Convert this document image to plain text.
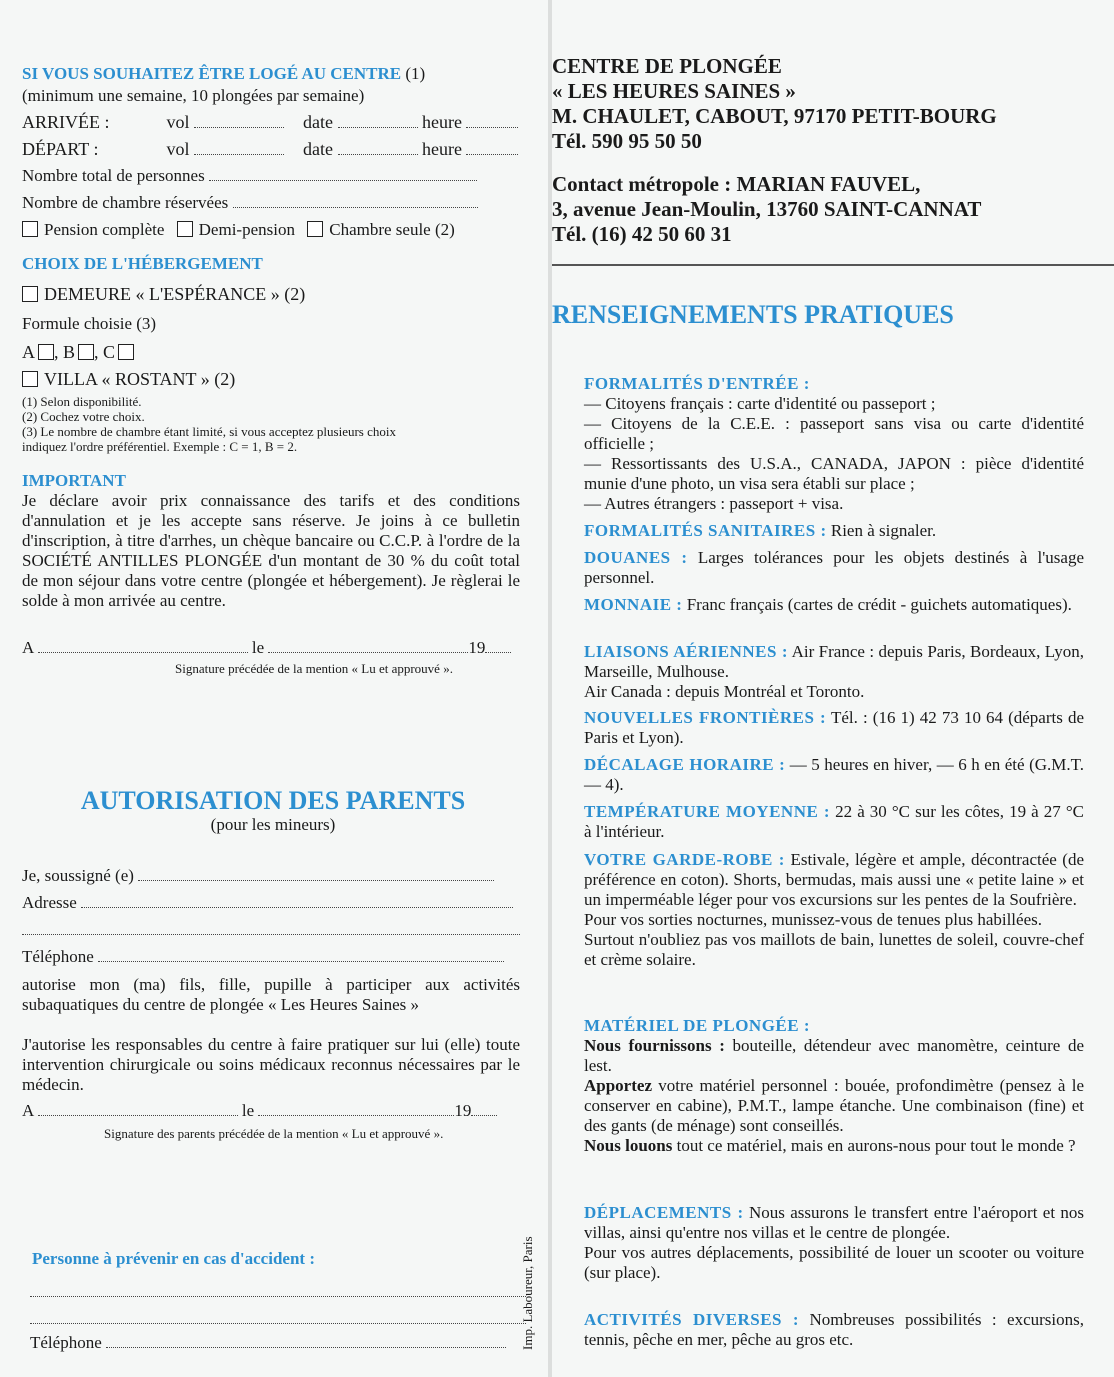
SI VOUS SOUHAITEZ ÊTRE LOGÉ AU CENTRE (1)
(minimum une semaine, 10 plongées par semaine)
ARRIVÉE :	vol	date	heure
DÉPART :	vol	date	heure
Nombre total de personnes
Nombre de chambre réservées
Pension complète Demi-pension Chambre seule (2)
CHOIX DE L'HÉBERGEMENT
DEMEURE « L'ESPÉRANCE » (2)
Formule choisie (3)
A , B , C
VILLA « ROSTANT » (2)
(1) Selon disponibilité.
(2) Cochez votre choix.
(3) Le nombre de chambre étant limité, si vous acceptez plusieurs choix
indiquez l'ordre préférentiel. Exemple : C = 1, B = 2.
IMPORTANT
Je déclare avoir prix connaissance des tarifs et des conditions d'annulation et je les accepte sans réserve. Je joins à ce bulletin d'inscription, à titre d'arrhes, un chèque bancaire ou C.C.P. à l'ordre de la SOCIÉTÉ ANTILLES PLONGÉE d'un montant de 30 % du coût total de mon séjour dans votre centre (plongée et hébergement). Je règlerai le solde à mon arrivée au centre.
A	le	19
Signature précédée de la mention « Lu et approuvé ».
AUTORISATION DES PARENTS
(pour les mineurs)
Je, soussigné (e)
Adresse
Téléphone
autorise mon (ma) fils, fille, pupille à participer aux activités subaquatiques du centre de plongée « Les Heures Saines »
J'autorise les responsables du centre à faire pratiquer sur lui (elle) toute intervention chirurgicale ou soins médicaux reconnus nécessaires par le médecin.
A	le	19
Signature des parents précédée de la mention « Lu et approuvé ».
Personne à prévenir en cas d'accident :
Téléphone	Imp. Laboureur, Paris
CENTRE DE PLONGÉE
« LES HEURES SAINES »
M. CHAULET, CABOUT, 97170 PETIT-BOURG
Tél. 590 95 50 50
Contact métropole : MARIAN FAUVEL,
3, avenue Jean-Moulin, 13760 SAINT-CANNAT
Tél. (16) 42 50 60 31
RENSEIGNEMENTS PRATIQUES
FORMALITÉS D'ENTRÉE :
— Citoyens français : carte d'identité ou passeport ;
— Citoyens de la C.E.E. : passeport sans visa ou carte d'identité officielle ;
— Ressortissants des U.S.A., CANADA, JAPON : pièce d'identité munie d'une photo, un visa sera établi sur place ;
— Autres étrangers : passeport + visa.
FORMALITÉS SANITAIRES : Rien à signaler.
DOUANES : Larges tolérances pour les objets destinés à l'usage personnel.
MONNAIE : Franc français (cartes de crédit - guichets automatiques).
LIAISONS AÉRIENNES : Air France : depuis Paris, Bordeaux, Lyon, Marseille, Mulhouse.
Air Canada : depuis Montréal et Toronto.
NOUVELLES FRONTIÈRES : Tél. : (16 1) 42 73 10 64 (départs de Paris et Lyon).
DÉCALAGE HORAIRE : — 5 heures en hiver, — 6 h en été (G.M.T. — 4).
TEMPÉRATURE MOYENNE : 22 à 30 °C sur les côtes, 19 à 27 °C à l'intérieur.
VOTRE GARDE-ROBE : Estivale, légère et ample, décontractée (de préférence en coton). Shorts, bermudas, mais aussi une « petite laine » et un imperméable léger pour vos excursions sur les pentes de la Soufrière.
Pour vos sorties nocturnes, munissez-vous de tenues plus habillées.
Surtout n'oubliez pas vos maillots de bain, lunettes de soleil, couvre-chef et crème solaire.
MATÉRIEL DE PLONGÉE :
Nous fournissons : bouteille, détendeur avec manomètre, ceinture de lest.
Apportez votre matériel personnel : bouée, profondimètre (pensez à le conserver en cabine), P.M.T., lampe étanche. Une combinaison (fine) et des gants (de ménage) sont conseillés.
Nous louons tout ce matériel, mais en aurons-nous pour tout le monde ?
DÉPLACEMENTS : Nous assurons le transfert entre l'aéroport et nos villas, ainsi qu'entre nos villas et le centre de plongée.
Pour vos autres déplacements, possibilité de louer un scooter ou voiture (sur place).
ACTIVITÉS DIVERSES : Nombreuses possibilités : excursions, tennis, pêche en mer, pêche au gros etc.
